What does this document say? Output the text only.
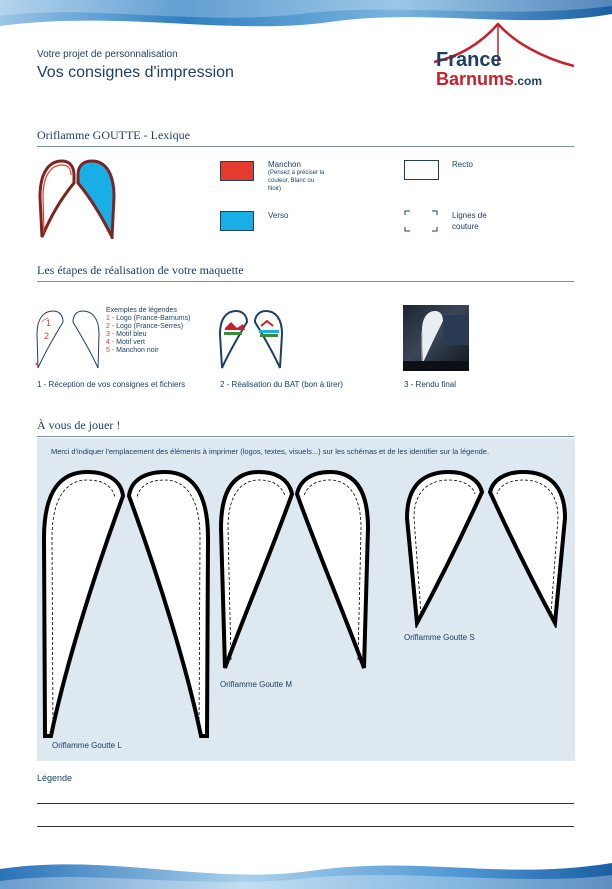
Votre projet de personnalisation
Vos consignes d'impression
France
Barnums.com
Oriflamme GOUTTE - Lexique
Manchon
(Pensez à préciser la couleur, Blanc ou Noir)
Recto
Verso	Lignes de couture
Les étapes de réalisation de votre maquette
1
2
Exemples de légendes
1 - Logo (France-Barnums)
2 - Logo (France-Serres)
3 - Motif bleu
4 - Motif vert
5 - Manchon noir
1 - Réception de vos consignes et fichiers	2 - Réalisation du BAT (bon à tirer)	3 - Rendu final
À vous de jouer !
Merci d'indiquer l'emplacement des éléments à imprimer (logos, textes, visuels...) sur les schémas et de les identifier sur la légende.
Oriflamme Goutte L
Oriflamme Goutte M
Oriflamme Goutte S
Légende
